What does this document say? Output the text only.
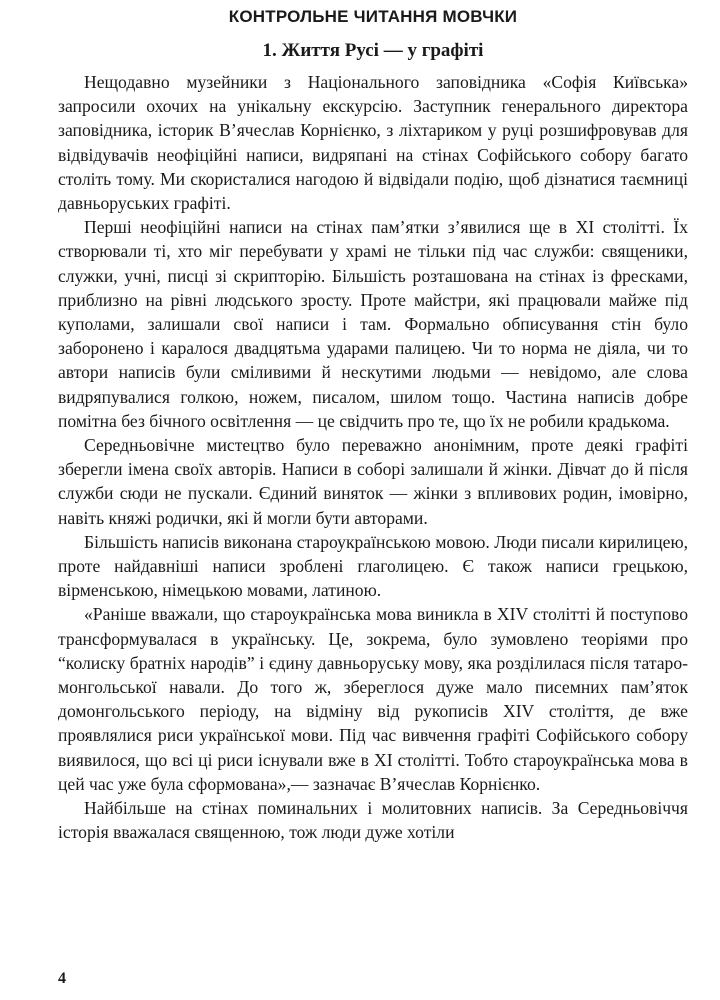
КОНТРОЛЬНЕ ЧИТАННЯ МОВЧКИ
1. Життя Русі — у графіті

Нещодавно музейники з Національного заповідника «Софія Київська» запросили охочих на унікальну екскурсію. Заступник генерального директора заповідника, історик В’ячеслав Корнієнко, з ліхтариком у руці розшифровував для відвідувачів неофіційні написи, видряпані на стінах Софійського собору багато століть тому. Ми скористалися нагодою й відвідали подію, щоб дізнатися таємниці давньоруських графіті.

Перші неофіційні написи на стінах пам’ятки з’явилися ще в XI столітті. Їх створювали ті, хто міг перебувати у храмі не тільки під час служби: священики, служки, учні, писці зі скрипторію. Більшість розташована на стінах із фресками, приблизно на рівні людського зросту. Проте майстри, які працювали майже під куполами, залишали свої написи і там. Формально обписування стін було заборонено і каралося двадцятьма ударами палицею. Чи то норма не діяла, чи то автори написів були сміливими й нескутими людьми — невідомо, але слова видряпувалися голкою, ножем, писалом, шилом тощо. Частина написів добре помітна без бічного освітлення — це свідчить про те, що їх не робили крадькома.

Середньовічне мистецтво було переважно анонімним, проте деякі графіті зберегли імена своїх авторів. Написи в соборі залишали й жінки. Дівчат до й після служби сюди не пускали. Єдиний виняток — жінки з впливових родин, імовірно, навіть княжі родички, які й могли бути авторами.

Більшість написів виконана староукраїнською мовою. Люди писали кирилицею, проте найдавніші написи зроблені глаголицею. Є також написи грецькою, вірменською, німецькою мовами, латиною.

«Раніше вважали, що староукраїнська мова виникла в XIV столітті й поступово трансформувалася в українську. Це, зокрема, було зумовлено теоріями про “колиску братніх народів” і єдину давньоруську мову, яка розділилася після татаро-монгольської навали. До того ж, збереглося дуже мало писемних пам’яток домонгольського періоду, на відміну від рукописів XIV століття, де вже проявлялися риси української мови. Під час вивчення графіті Софійського собору виявилося, що всі ці риси існували вже в XI столітті. Тобто староукраїнська мова в цей час уже була сформована»,— зазначає В’ячеслав Корнієнко.

Найбільше на стінах поминальних і молитовних написів. За Середньовіччя історія вважалася священною, тож люди дуже хотіли

4
